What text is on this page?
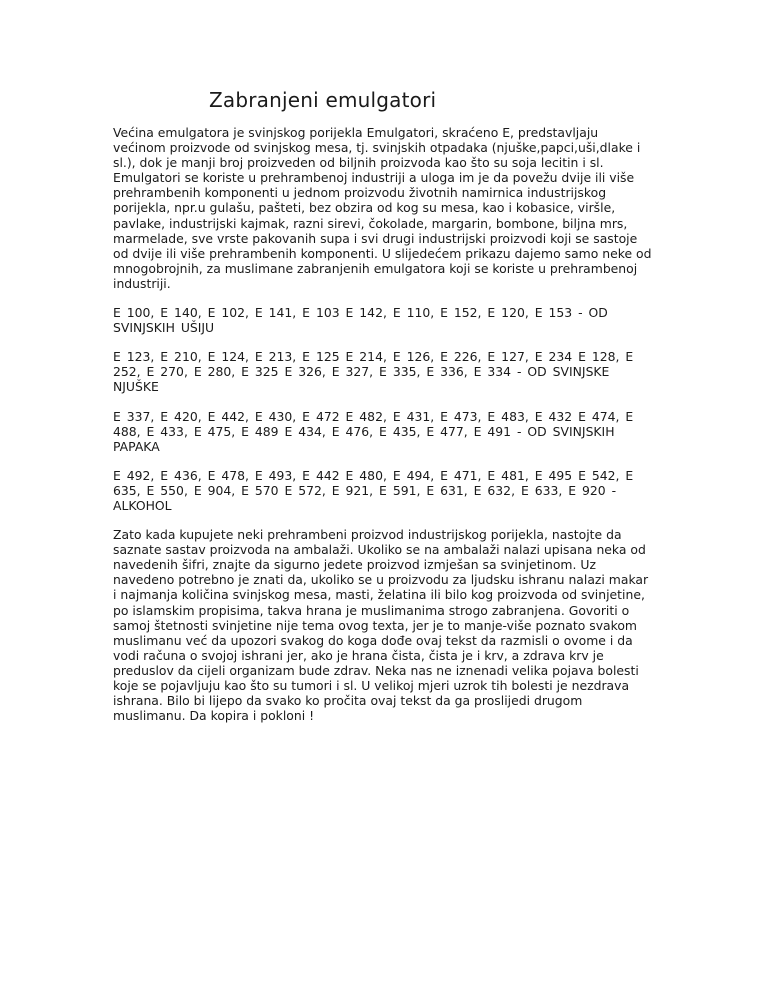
Zabranjeni emulgatori

Većina emulgatora je svinjskog porijekla Emulgatori, skraćeno E, predstavljaju većinom proizvode od svinjskog mesa, tj. svinjskih otpadaka (njuške,papci,uši,dlake i sl.), dok je manji broj proizveden od biljnih proizvoda kao što su soja lecitin i sl. Emulgatori se koriste u prehrambenoj industriji a uloga im je da povežu dvije ili više prehrambenih komponenti u jednom proizvodu životnih namirnica industrijskog porijekla, npr.u gulašu, pašteti, bez obzira od kog su mesa, kao i kobasice, viršle, pavlake, industrijski kajmak, razni sirevi, čokolade, margarin, bombone, biljna mrs, marmelade, sve vrste pakovanih supa i svi drugi industrijski proizvodi koji se sastoje od dvije ili više prehrambenih komponenti. U slijedećem prikazu dajemo samo neke od mnogobrojnih, za muslimane zabranjenih emulgatora koji se koriste u prehrambenoj industriji.

E 100, E 140, E 102, E 141, E 103 E 142, E 110, E 152, E 120, E 153 - OD SVINJSKIH UŠIJU

E 123, E 210, E 124, E 213, E 125 E 214, E 126, E 226, E 127, E 234 E 128, E 252, E 270, E 280, E 325 E 326, E 327, E 335, E 336, E 334 - OD SVINJSKE NJUŠKE

E 337, E 420, E 442, E 430, E 472 E 482, E 431, E 473, E 483, E 432 E 474, E 488, E 433, E 475, E 489 E 434, E 476, E 435, E 477, E 491 - OD SVINJSKIH PAPAKA

E 492, E 436, E 478, E 493, E 442 E 480, E 494, E 471, E 481, E 495 E 542, E 635, E 550, E 904, E 570 E 572, E 921, E 591, E 631, E 632, E 633, E 920 - ALKOHOL

Zato kada kupujete neki prehrambeni proizvod industrijskog porijekla, nastojte da saznate sastav proizvoda na ambalaži. Ukoliko se na ambalaži nalazi upisana neka od navedenih šifri, znajte da sigurno jedete proizvod izmješan sa svinjetinom. Uz navedeno potrebno je znati da, ukoliko se u proizvodu za ljudsku ishranu nalazi makar i najmanja količina svinjskog mesa, masti, želatina ili bilo kog proizvoda od svinjetine, po islamskim propisima, takva hrana je muslimanima strogo zabranjena. Govoriti o samoj štetnosti svinjetine nije tema ovog texta, jer je to manje-više poznato svakom muslimanu već da upozori svakog do koga dođe ovaj tekst da razmisli o ovome i da vodi računa o svojoj ishrani jer, ako je hrana čista, čista je i krv, a zdrava krv je preduslov da cijeli organizam bude zdrav. Neka nas ne iznenadi velika pojava bolesti koje se pojavljuju kao što su tumori i sl. U velikoj mjeri uzrok tih bolesti je nezdrava ishrana. Bilo bi lijepo da svako ko pročita ovaj tekst da ga proslijedi drugom muslimanu. Da kopira i pokloni !
